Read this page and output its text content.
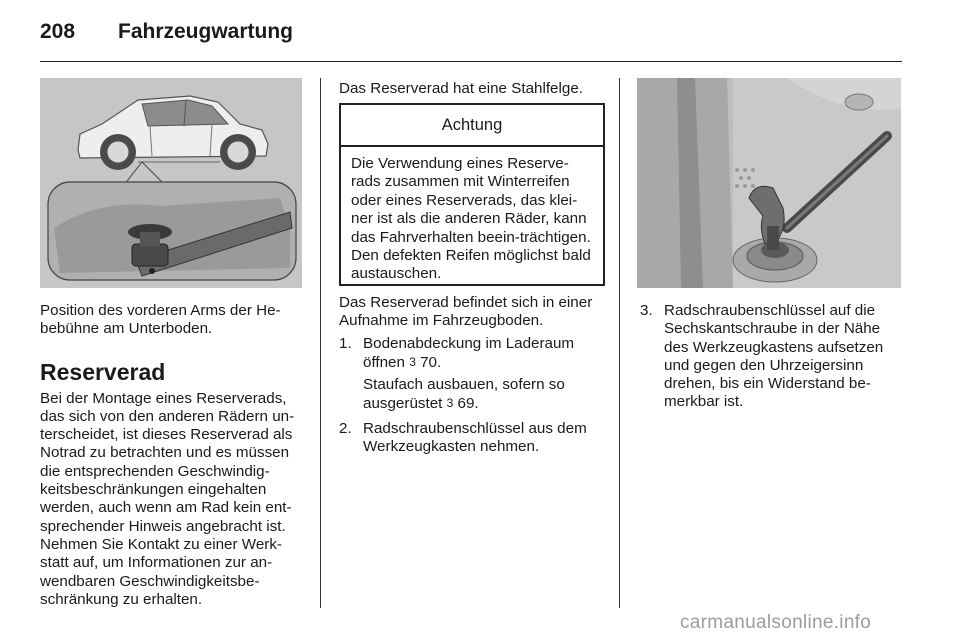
208 Fahrzeugwartung

Position des vorderen Arms der He-bebühne am Unterboden.

Reserverad

Bei der Montage eines Reserverads, das sich von den anderen Rädern un-terscheidet, ist dieses Reserverad als Notrad zu betrachten und es müssen die entsprechenden Geschwindig-keitsbeschränkungen eingehalten werden, auch wenn am Rad kein ent-sprechender Hinweis angebracht ist. Nehmen Sie Kontakt zu einer Werk-statt auf, um Informationen zur an-wendbaren Geschwindigkeitsbe-schränkung zu erhalten.

Das Reserverad hat eine Stahlfelge.

Achtung
Die Verwendung eines Reserve-rads zusammen mit Winterreifen oder eines Reserverads, das klei-ner ist als die anderen Räder, kann das Fahrverhalten beein-trächtigen. Den defekten Reifen möglichst bald austauschen.

Das Reserverad befindet sich in einer Aufnahme im Fahrzeugboden.

1. Bodenabdeckung im Laderaum öffnen 3 70.
Staufach ausbauen, sofern so ausgerüstet 3 69.
2. Radschraubenschlüssel aus dem Werkzeugkasten nehmen.
3. Radschraubenschlüssel auf die Sechskantschraube in der Nähe des Werkzeugkastens aufsetzen und gegen den Uhrzeigersinn drehen, bis ein Widerstand be-merkbar ist.
carmanualsonline.info
